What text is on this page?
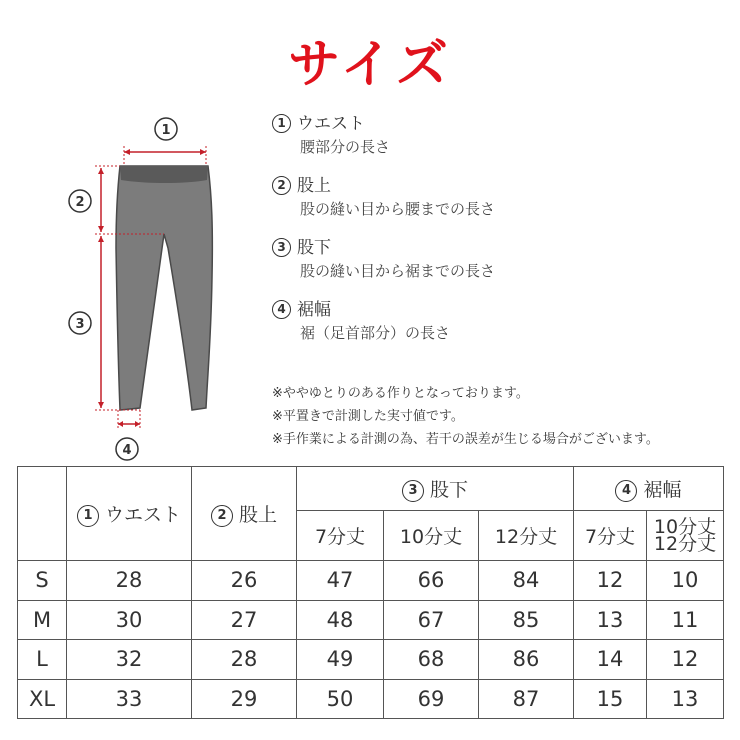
サイズ
1
2
3
4
1 ウエスト
腰部分の長さ
2 股上
股の縫い目から腰までの長さ
3 股下
股の縫い目から裾までの長さ
4 裾幅
裾（足首部分）の長さ
※ややゆとりのある作りとなっております。
※平置きで計測した実寸値です。
※手作業による計測の為、若干の誤差が生じる場合がございます。
	1 ウエスト	2 股上	3 股下			4 裾幅	
			7分丈	10分丈	12分丈	7分丈	10分丈
12分丈

S	28	26	47	66	84	12	10
M	30	27	48	67	85	13	11
L	32	28	49	68	86	14	12
XL	33	29	50	69	87	15	13
